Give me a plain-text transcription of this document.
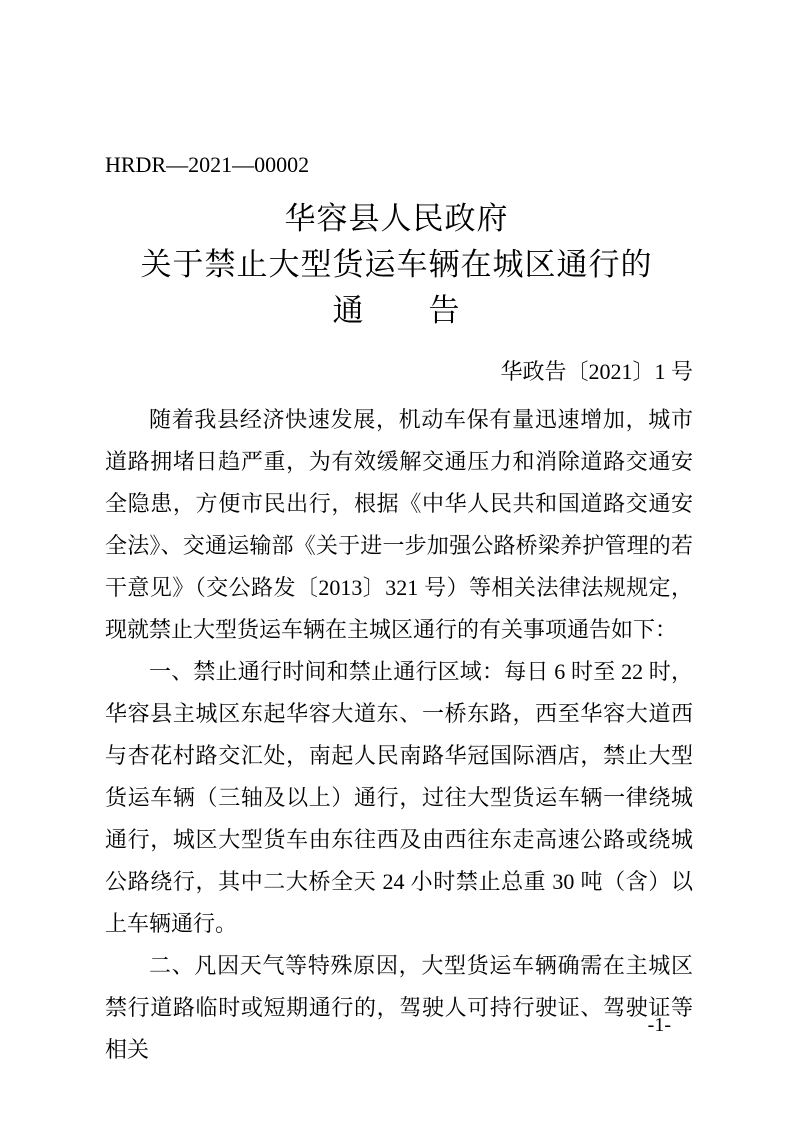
HRDR—2021—00002
华容县人民政府
关于禁止大型货运车辆在城区通行的
通　　告
华政告〔2021〕1 号

随着我县经济快速发展，机动车保有量迅速增加，城市道路拥堵日趋严重，为有效缓解交通压力和消除道路交通安全隐患，方便市民出行，根据《中华人民共和国道路交通安全法》、交通运输部《关于进一步加强公路桥梁养护管理的若干意见》（交公路发〔2013〕321 号）等相关法律法规规定，现就禁止大型货运车辆在主城区通行的有关事项通告如下：

一、禁止通行时间和禁止通行区域：每日 6 时至 22 时，华容县主城区东起华容大道东、一桥东路，西至华容大道西与杏花村路交汇处，南起人民南路华冠国际酒店，禁止大型货运车辆（三轴及以上）通行，过往大型货运车辆一律绕城通行，城区大型货车由东往西及由西往东走高速公路或绕城公路绕行，其中二大桥全天 24 小时禁止总重 30 吨（含）以上车辆通行。

二、凡因天气等特殊原因，大型货运车辆确需在主城区禁行道路临时或短期通行的，驾驶人可持行驶证、驾驶证等相关

-1-
